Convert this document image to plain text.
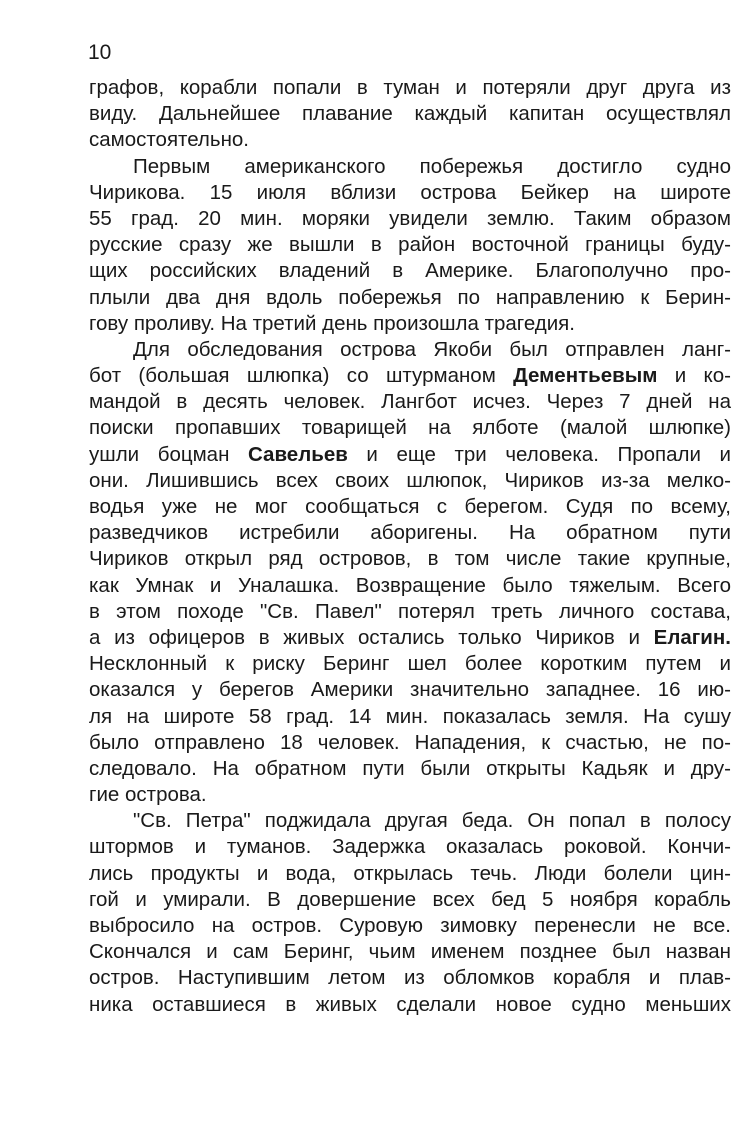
10
графов, корабли попали в туман и потеряли друг друга из
виду. Дальнейшее плавание каждый капитан осуществлял
самостоятельно.
Первым американского побережья достигло судно
Чирикова. 15 июля вблизи острова Бейкер на широте
55 град. 20 мин. моряки увидели землю. Таким образом
русские сразу же вышли в район восточной границы буду-
щих российских владений в Америке. Благополучно про-
плыли два дня вдоль побережья по направлению к Берин-
гову проливу. На третий день произошла трагедия.
Для обследования острова Якоби был отправлен ланг-
бот (большая шлюпка) со штурманом Дементьевым и ко-
мандой в десять человек. Лангбот исчез. Через 7 дней на
поиски пропавших товарищей на ялботе (малой шлюпке)
ушли боцман Савельев и еще три человека. Пропали и
они. Лишившись всех своих шлюпок, Чириков из-за мелко-
водья уже не мог сообщаться с берегом. Судя по всему,
разведчиков истребили аборигены. На обратном пути
Чириков открыл ряд островов, в том числе такие крупные,
как Умнак и Уналашка. Возвращение было тяжелым. Всего
в этом походе "Св. Павел" потерял треть личного состава,
а из офицеров в живых остались только Чириков и Елагин.
Несклонный к риску Беринг шел более коротким путем и
оказался у берегов Америки значительно западнее. 16 ию-
ля на широте 58 град. 14 мин. показалась земля. На сушу
было отправлено 18 человек. Нападения, к счастью, не по-
следовало. На обратном пути были открыты Кадьяк и дру-
гие острова.
"Св. Петра" поджидала другая беда. Он попал в полосу
штормов и туманов. Задержка оказалась роковой. Кончи-
лись продукты и вода, открылась течь. Люди болели цин-
гой и умирали. В довершение всех бед 5 ноября корабль
выбросило на остров. Суровую зимовку перенесли не все.
Скончался и сам Беринг, чьим именем позднее был назван
остров. Наступившим летом из обломков корабля и плав-
ника оставшиеся в живых сделали новое судно меньших
